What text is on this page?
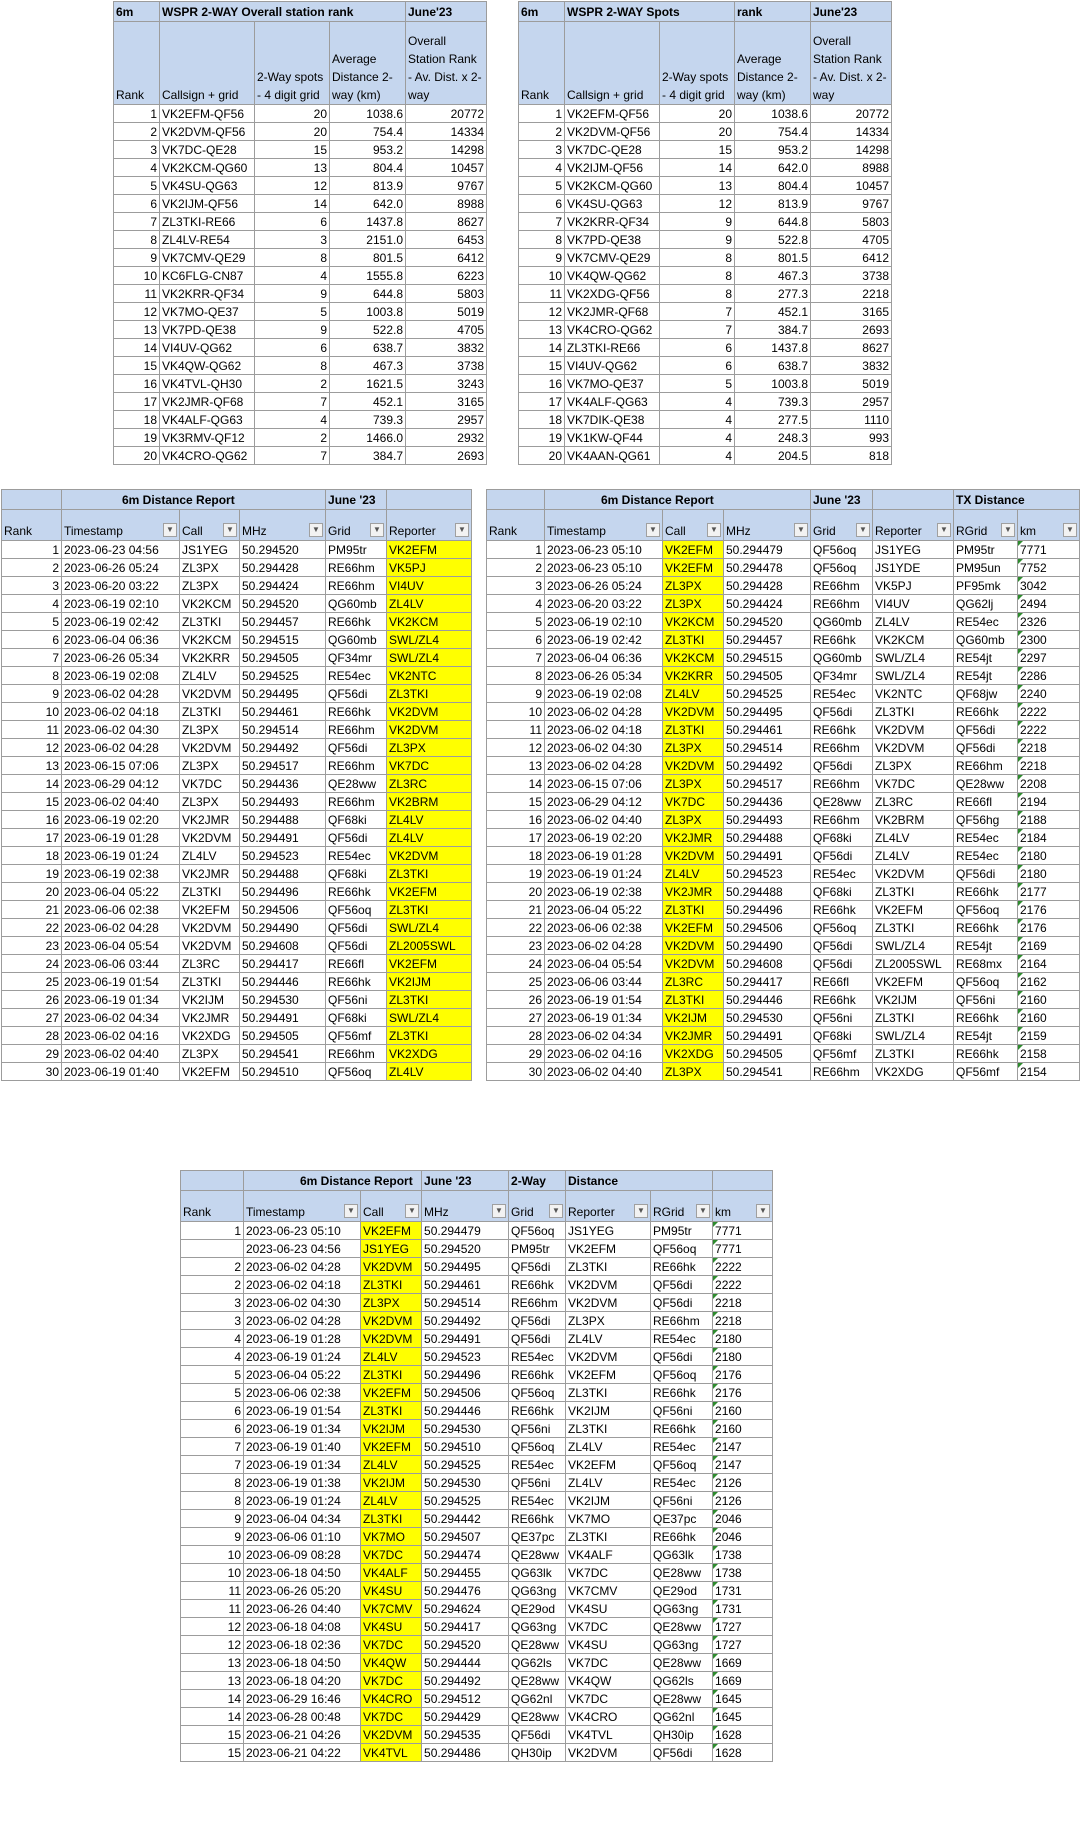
6m	WSPR 2-WAY Overall station rank			June'23
Rank	Callsign + grid	2-Way spots - 4 digit grid	Average Distance 2-way (km)	Overall Station Rank - Av. Dist. x 2-way
1	VK2EFM-QF56	20	1038.6	20772
2	VK2DVM-QF56	20	754.4	14334
3	VK7DC-QE28	15	953.2	14298
4	VK2KCM-QG60	13	804.4	10457
5	VK4SU-QG63	12	813.9	9767
6	VK2IJM-QF56	14	642.0	8988
7	ZL3TKI-RE66	6	1437.8	8627
8	ZL4LV-RE54	3	2151.0	6453
9	VK7CMV-QE29	8	801.5	6412
10	KC6FLG-CN87	4	1555.8	6223
11	VK2KRR-QF34	9	644.8	5803
12	VK7MO-QE37	5	1003.8	5019
13	VK7PD-QE38	9	522.8	4705
14	VI4UV-QG62	6	638.7	3832
15	VK4QW-QG62	8	467.3	3738
16	VK4TVL-QH30	2	1621.5	3243
17	VK2JMR-QF68	7	452.1	3165
18	VK4ALF-QG63	4	739.3	2957
19	VK3RMV-QF12	2	1466.0	2932
20	VK4CRO-QG62	7	384.7	2693
6m	WSPR 2-WAY Spots		rank	June'23
Rank	Callsign + grid	2-Way spots - 4 digit grid	Average Distance 2-way (km)	Overall Station Rank - Av. Dist. x 2-way
1	VK2EFM-QF56	20	1038.6	20772
2	VK2DVM-QF56	20	754.4	14334
3	VK7DC-QE28	15	953.2	14298
4	VK2IJM-QF56	14	642.0	8988
5	VK2KCM-QG60	13	804.4	10457
6	VK4SU-QG63	12	813.9	9767
7	VK2KRR-QF34	9	644.8	5803
8	VK7PD-QE38	9	522.8	4705
9	VK7CMV-QE29	8	801.5	6412
10	VK4QW-QG62	8	467.3	3738
11	VK2XDG-QF56	8	277.3	2218
12	VK2JMR-QF68	7	452.1	3165
13	VK4CRO-QG62	7	384.7	2693
14	ZL3TKI-RE66	6	1437.8	8627
15	VI4UV-QG62	6	638.7	3832
16	VK7MO-QE37	5	1003.8	5019
17	VK4ALF-QG63	4	739.3	2957
18	VK7DIK-QE38	4	277.5	1110
19	VK1KW-QF44	4	248.3	993
20	VK4AAN-QG61	4	204.5	818
	6m Distance Report			June '23		
Rank	Timestamp ▼	Call ▼	MHz ▼	Grid ▼	Reporter ▼	

1	2023-06-23 04:56	JS1YEG	50.294520	PM95tr	VK2EFM	
2	2023-06-26 05:24	ZL3PX	50.294428	RE66hm	VK5PJ	
3	2023-06-20 03:22	ZL3PX	50.294424	RE66hm	VI4UV	
4	2023-06-19 02:10	VK2KCM	50.294520	QG60mb	ZL4LV	
5	2023-06-19 02:42	ZL3TKI	50.294457	RE66hk	VK2KCM	
6	2023-06-04 06:36	VK2KCM	50.294515	QG60mb	SWL/ZL4	
7	2023-06-26 05:34	VK2KRR	50.294505	QF34mr	SWL/ZL4	
8	2023-06-19 02:08	ZL4LV	50.294525	RE54ec	VK2NTC	
9	2023-06-02 04:28	VK2DVM	50.294495	QF56di	ZL3TKI	
10	2023-06-02 04:18	ZL3TKI	50.294461	RE66hk	VK2DVM	
11	2023-06-02 04:30	ZL3PX	50.294514	RE66hm	VK2DVM	
12	2023-06-02 04:28	VK2DVM	50.294492	QF56di	ZL3PX	
13	2023-06-15 07:06	ZL3PX	50.294517	RE66hm	VK7DC	
14	2023-06-29 04:12	VK7DC	50.294436	QE28ww	ZL3RC	
15	2023-06-02 04:40	ZL3PX	50.294493	RE66hm	VK2BRM	
16	2023-06-19 02:20	VK2JMR	50.294488	QF68ki	ZL4LV	
17	2023-06-19 01:28	VK2DVM	50.294491	QF56di	ZL4LV	
18	2023-06-19 01:24	ZL4LV	50.294523	RE54ec	VK2DVM	
19	2023-06-19 02:38	VK2JMR	50.294488	QF68ki	ZL3TKI	
20	2023-06-04 05:22	ZL3TKI	50.294496	RE66hk	VK2EFM	
21	2023-06-06 02:38	VK2EFM	50.294506	QF56oq	ZL3TKI	
22	2023-06-02 04:28	VK2DVM	50.294490	QF56di	SWL/ZL4	
23	2023-06-04 05:54	VK2DVM	50.294608	QF56di	ZL2005SWL	
24	2023-06-06 03:44	ZL3RC	50.294417	RE66fl	VK2EFM	
25	2023-06-19 01:54	ZL3TKI	50.294446	RE66hk	VK2IJM	
26	2023-06-19 01:34	VK2IJM	50.294530	QF56ni	ZL3TKI	
27	2023-06-02 04:34	VK2JMR	50.294491	QF68ki	SWL/ZL4	
28	2023-06-02 04:16	VK2XDG	50.294505	QF56mf	ZL3TKI	
29	2023-06-02 04:40	ZL3PX	50.294541	RE66hm	VK2XDG	
30	2023-06-19 01:40	VK2EFM	50.294510	QF56oq	ZL4LV	
	6m Distance Report			June '23		TX Distance		
Rank	Timestamp ▼	Call ▼	MHz ▼	Grid ▼	Reporter ▼	RGrid ▼	km ▼	

1	2023-06-23 05:10	VK2EFM	50.294479	QF56oq	JS1YEG	PM95tr	7771	
2	2023-06-23 05:10	VK2EFM	50.294478	QF56oq	JS1YDE	PM95un	7752	
3	2023-06-26 05:24	ZL3PX	50.294428	RE66hm	VK5PJ	PF95mk	3042	
4	2023-06-20 03:22	ZL3PX	50.294424	RE66hm	VI4UV	QG62lj	2494	
5	2023-06-19 02:10	VK2KCM	50.294520	QG60mb	ZL4LV	RE54ec	2326	
6	2023-06-19 02:42	ZL3TKI	50.294457	RE66hk	VK2KCM	QG60mb	2300	
7	2023-06-04 06:36	VK2KCM	50.294515	QG60mb	SWL/ZL4	RE54jt	2297	
8	2023-06-26 05:34	VK2KRR	50.294505	QF34mr	SWL/ZL4	RE54jt	2286	
9	2023-06-19 02:08	ZL4LV	50.294525	RE54ec	VK2NTC	QF68jw	2240	
10	2023-06-02 04:28	VK2DVM	50.294495	QF56di	ZL3TKI	RE66hk	2222	
11	2023-06-02 04:18	ZL3TKI	50.294461	RE66hk	VK2DVM	QF56di	2222	
12	2023-06-02 04:30	ZL3PX	50.294514	RE66hm	VK2DVM	QF56di	2218	
13	2023-06-02 04:28	VK2DVM	50.294492	QF56di	ZL3PX	RE66hm	2218	
14	2023-06-15 07:06	ZL3PX	50.294517	RE66hm	VK7DC	QE28ww	2208	
15	2023-06-29 04:12	VK7DC	50.294436	QE28ww	ZL3RC	RE66fl	2194	
16	2023-06-02 04:40	ZL3PX	50.294493	RE66hm	VK2BRM	QF56hg	2188	
17	2023-06-19 02:20	VK2JMR	50.294488	QF68ki	ZL4LV	RE54ec	2184	
18	2023-06-19 01:28	VK2DVM	50.294491	QF56di	ZL4LV	RE54ec	2180	
19	2023-06-19 01:24	ZL4LV	50.294523	RE54ec	VK2DVM	QF56di	2180	
20	2023-06-19 02:38	VK2JMR	50.294488	QF68ki	ZL3TKI	RE66hk	2177	
21	2023-06-04 05:22	ZL3TKI	50.294496	RE66hk	VK2EFM	QF56oq	2176	
22	2023-06-06 02:38	VK2EFM	50.294506	QF56oq	ZL3TKI	RE66hk	2176	
23	2023-06-02 04:28	VK2DVM	50.294490	QF56di	SWL/ZL4	RE54jt	2169	
24	2023-06-04 05:54	VK2DVM	50.294608	QF56di	ZL2005SWL	RE68mx	2164	
25	2023-06-06 03:44	ZL3RC	50.294417	RE66fl	VK2EFM	QF56oq	2162	
26	2023-06-19 01:54	ZL3TKI	50.294446	RE66hk	VK2IJM	QF56ni	2160	
27	2023-06-19 01:34	VK2IJM	50.294530	QF56ni	ZL3TKI	RE66hk	2160	
28	2023-06-02 04:34	VK2JMR	50.294491	QF68ki	SWL/ZL4	RE54jt	2159	
29	2023-06-02 04:16	VK2XDG	50.294505	QF56mf	ZL3TKI	RE66hk	2158	
30	2023-06-02 04:40	ZL3PX	50.294541	RE66hm	VK2XDG	QF56mf	2154	
	6m Distance Report		June '23	2-Way	Distance		
Rank	Timestamp ▼	Call ▼	MHz ▼	Grid ▼	Reporter ▼	RGrid ▼	km ▼

1	2023-06-23 05:10	VK2EFM	50.294479	QF56oq	JS1YEG	PM95tr	7771
	2023-06-23 04:56	JS1YEG	50.294520	PM95tr	VK2EFM	QF56oq	7771
2	2023-06-02 04:28	VK2DVM	50.294495	QF56di	ZL3TKI	RE66hk	2222
2	2023-06-02 04:18	ZL3TKI	50.294461	RE66hk	VK2DVM	QF56di	2222
3	2023-06-02 04:30	ZL3PX	50.294514	RE66hm	VK2DVM	QF56di	2218
3	2023-06-02 04:28	VK2DVM	50.294492	QF56di	ZL3PX	RE66hm	2218
4	2023-06-19 01:28	VK2DVM	50.294491	QF56di	ZL4LV	RE54ec	2180
4	2023-06-19 01:24	ZL4LV	50.294523	RE54ec	VK2DVM	QF56di	2180
5	2023-06-04 05:22	ZL3TKI	50.294496	RE66hk	VK2EFM	QF56oq	2176
5	2023-06-06 02:38	VK2EFM	50.294506	QF56oq	ZL3TKI	RE66hk	2176
6	2023-06-19 01:54	ZL3TKI	50.294446	RE66hk	VK2IJM	QF56ni	2160
6	2023-06-19 01:34	VK2IJM	50.294530	QF56ni	ZL3TKI	RE66hk	2160
7	2023-06-19 01:40	VK2EFM	50.294510	QF56oq	ZL4LV	RE54ec	2147
7	2023-06-19 01:34	ZL4LV	50.294525	RE54ec	VK2EFM	QF56oq	2147
8	2023-06-19 01:38	VK2IJM	50.294530	QF56ni	ZL4LV	RE54ec	2126
8	2023-06-19 01:24	ZL4LV	50.294525	RE54ec	VK2IJM	QF56ni	2126
9	2023-06-04 04:34	ZL3TKI	50.294442	RE66hk	VK7MO	QE37pc	2046
9	2023-06-06 01:10	VK7MO	50.294507	QE37pc	ZL3TKI	RE66hk	2046
10	2023-06-09 08:28	VK7DC	50.294474	QE28ww	VK4ALF	QG63lk	1738
10	2023-06-18 04:50	VK4ALF	50.294455	QG63lk	VK7DC	QE28ww	1738
11	2023-06-26 05:20	VK4SU	50.294476	QG63ng	VK7CMV	QE29od	1731
11	2023-06-26 04:40	VK7CMV	50.294624	QE29od	VK4SU	QG63ng	1731
12	2023-06-18 04:08	VK4SU	50.294417	QG63ng	VK7DC	QE28ww	1727
12	2023-06-18 02:36	VK7DC	50.294520	QE28ww	VK4SU	QG63ng	1727
13	2023-06-18 04:50	VK4QW	50.294444	QG62ls	VK7DC	QE28ww	1669
13	2023-06-18 04:20	VK7DC	50.294492	QE28ww	VK4QW	QG62ls	1669
14	2023-06-29 16:46	VK4CRO	50.294512	QG62nl	VK7DC	QE28ww	1645
14	2023-06-28 00:48	VK7DC	50.294429	QE28ww	VK4CRO	QG62nl	1645
15	2023-06-21 04:26	VK2DVM	50.294535	QF56di	VK4TVL	QH30ip	1628
15	2023-06-21 04:22	VK4TVL	50.294486	QH30ip	VK2DVM	QF56di	1628
